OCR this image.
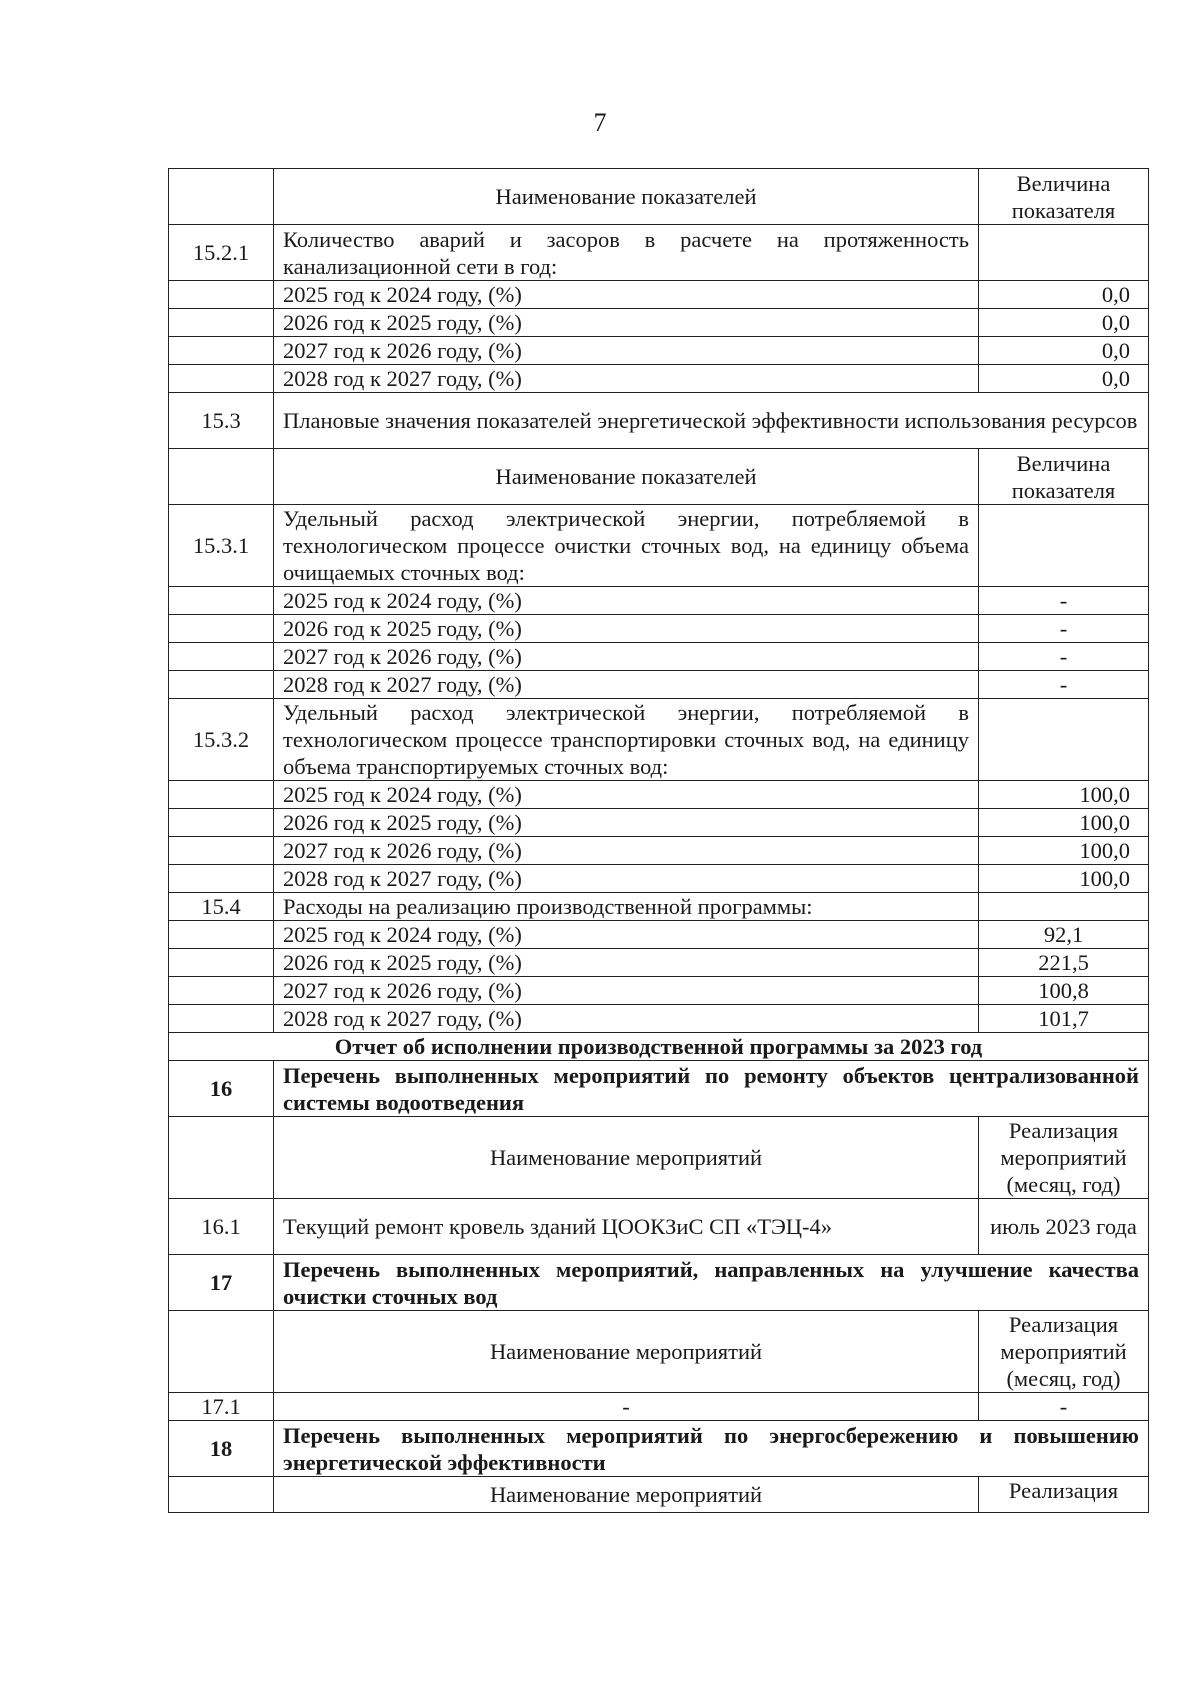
7
	Наименование показателей	Величина показателя
15.2.1	Количество аварий и засоров в расчете на протяженность канализационной сети в год:	
	2025 год к 2024 году, (%)	0,0
	2026 год к 2025 году, (%)	0,0
	2027 год к 2026 году, (%)	0,0
	2028 год к 2027 году, (%)	0,0
15.3	Плановые значения показателей энергетической эффективности использования ресурсов	
	Наименование показателей	Величина показателя
15.3.1	Удельный расход электрической энергии, потребляемой в технологическом процессе очистки сточных вод, на единицу объема очищаемых сточных вод:	
	2025 год к 2024 году, (%)	-
	2026 год к 2025 году, (%)	-
	2027 год к 2026 году, (%)	-
	2028 год к 2027 году, (%)	-
15.3.2	Удельный расход электрической энергии, потребляемой в технологическом процессе транспортировки сточных вод, на единицу объема транспортируемых сточных вод:	
	2025 год к 2024 году, (%)	100,0
	2026 год к 2025 году, (%)	100,0
	2027 год к 2026 году, (%)	100,0
	2028 год к 2027 году, (%)	100,0
15.4	Расходы на реализацию производственной программы:	
	2025 год к 2024 году, (%)	92,1
	2026 год к 2025 году, (%)	221,5
	2027 год к 2026 году, (%)	100,8
	2028 год к 2027 году, (%)	101,7
Отчет об исполнении производственной программы за 2023 год		
16	Перечень выполненных мероприятий по ремонту объектов централизованной системы водоотведения	
	Наименование мероприятий	Реализация мероприятий (месяц, год)
16.1	Текущий ремонт кровель зданий ЦООКЗиС СП «ТЭЦ-4»	июль 2023 года
17	Перечень выполненных мероприятий, направленных на улучшение качества очистки сточных вод	
	Наименование мероприятий	Реализация мероприятий (месяц, год)
17.1	-	-
18	Перечень выполненных мероприятий по энергосбережению и повышению энергетической эффективности	
	Наименование мероприятий	Реализация
